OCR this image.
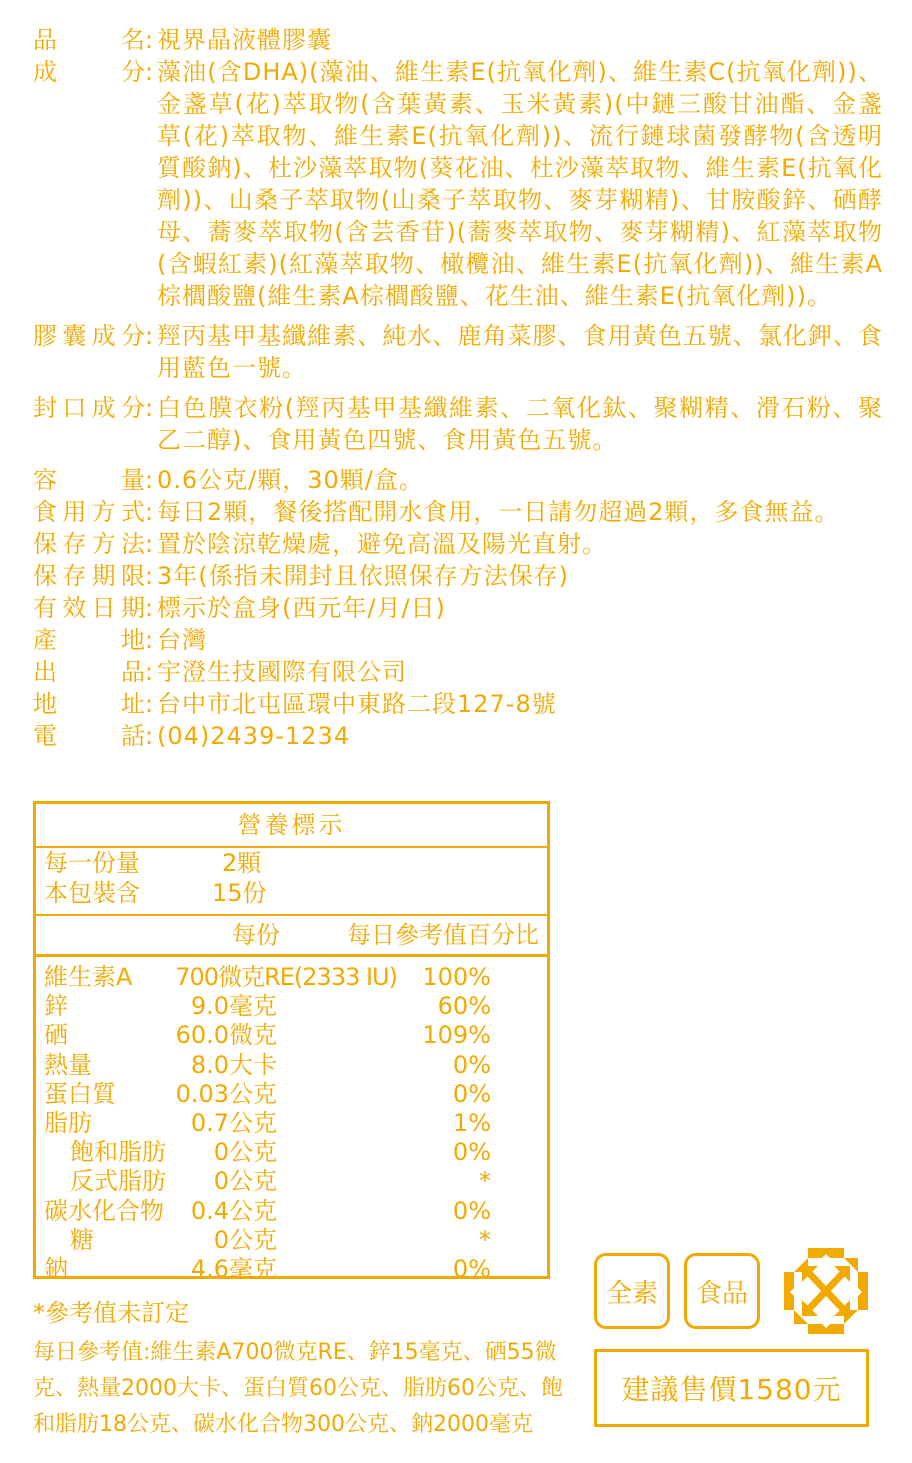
品	名 : 視界晶液體膠囊
成	分 : 藻油(含DHA)(藻油、維生素E(抗氧化劑)、維生素C(抗氧化劑))、金盞草(花)萃取物(含葉黃素、玉米黃素)(中鏈三酸甘油酯、金盞草(花)萃取物、維生素E(抗氧化劑))、流行鏈球菌發酵物(含透明質酸鈉)、杜沙藻萃取物(葵花油、杜沙藻萃取物、維生素E(抗氧化劑))、山桑子萃取物(山桑子萃取物、麥芽糊精)、甘胺酸鋅、硒酵母、蕎麥萃取物(含芸香苷)(蕎麥萃取物、麥芽糊精)、紅藻萃取物(含蝦紅素)(紅藻萃取物、橄欖油、維生素E(抗氧化劑))、維生素A棕櫚酸鹽(維生素A棕櫚酸鹽、花生油、維生素E(抗氧化劑))。
膠 囊 成 分 : 羥丙基甲基纖維素、純水、鹿角菜膠、食用黃色五號、氯化鉀、食用藍色一號。
封 口 成 分 : 白色膜衣粉(羥丙基甲基纖維素、二氧化鈦、聚糊精、滑石粉、聚乙二醇)、食用黃色四號、食用黃色五號。
容	量 : 0.6公克/顆，30顆/盒。
食 用 方 式 : 每日2顆，餐後搭配開水食用，一日請勿超過2顆，多食無益。
保 存 方 法 : 置於陰涼乾燥處，避免高溫及陽光直射。
保 存 期 限 : 3年(係指未開封且依照保存方法保存)
有 效 日 期 : 標示於盒身(西元年/月/日)
產	地 : 台灣
出	品 : 宇澄生技國際有限公司
地	址 : 台中市北屯區環中東路二段127-8號
電	話 : (04)2439-1234
營養標示
每一份量	2顆
本包裝含	15份
每份	每日參考值百分比
維生素A 700微克RE(2333 IU) 100%
鋅	9.0毫克	60%
硒	60.0微克	109%
熱量	8.0大卡	0%
蛋白質 0.03公克	0%
脂肪	0.7公克	1%
飽和脂肪 0公克	0%
反式脂肪 0公克	*
碳水化合物 0.4公克	0%
糖	0公克	*
鈉	4.6毫克	0%
*參考值未訂定
每日參考值:維生素A700微克RE、鋅15毫克、硒55微克、熱量2000大卡、蛋白質60公克、脂肪60公克、飽和脂肪18公克、碳水化合物300公克、鈉2000毫克
全素	食品
建議售價1580元
